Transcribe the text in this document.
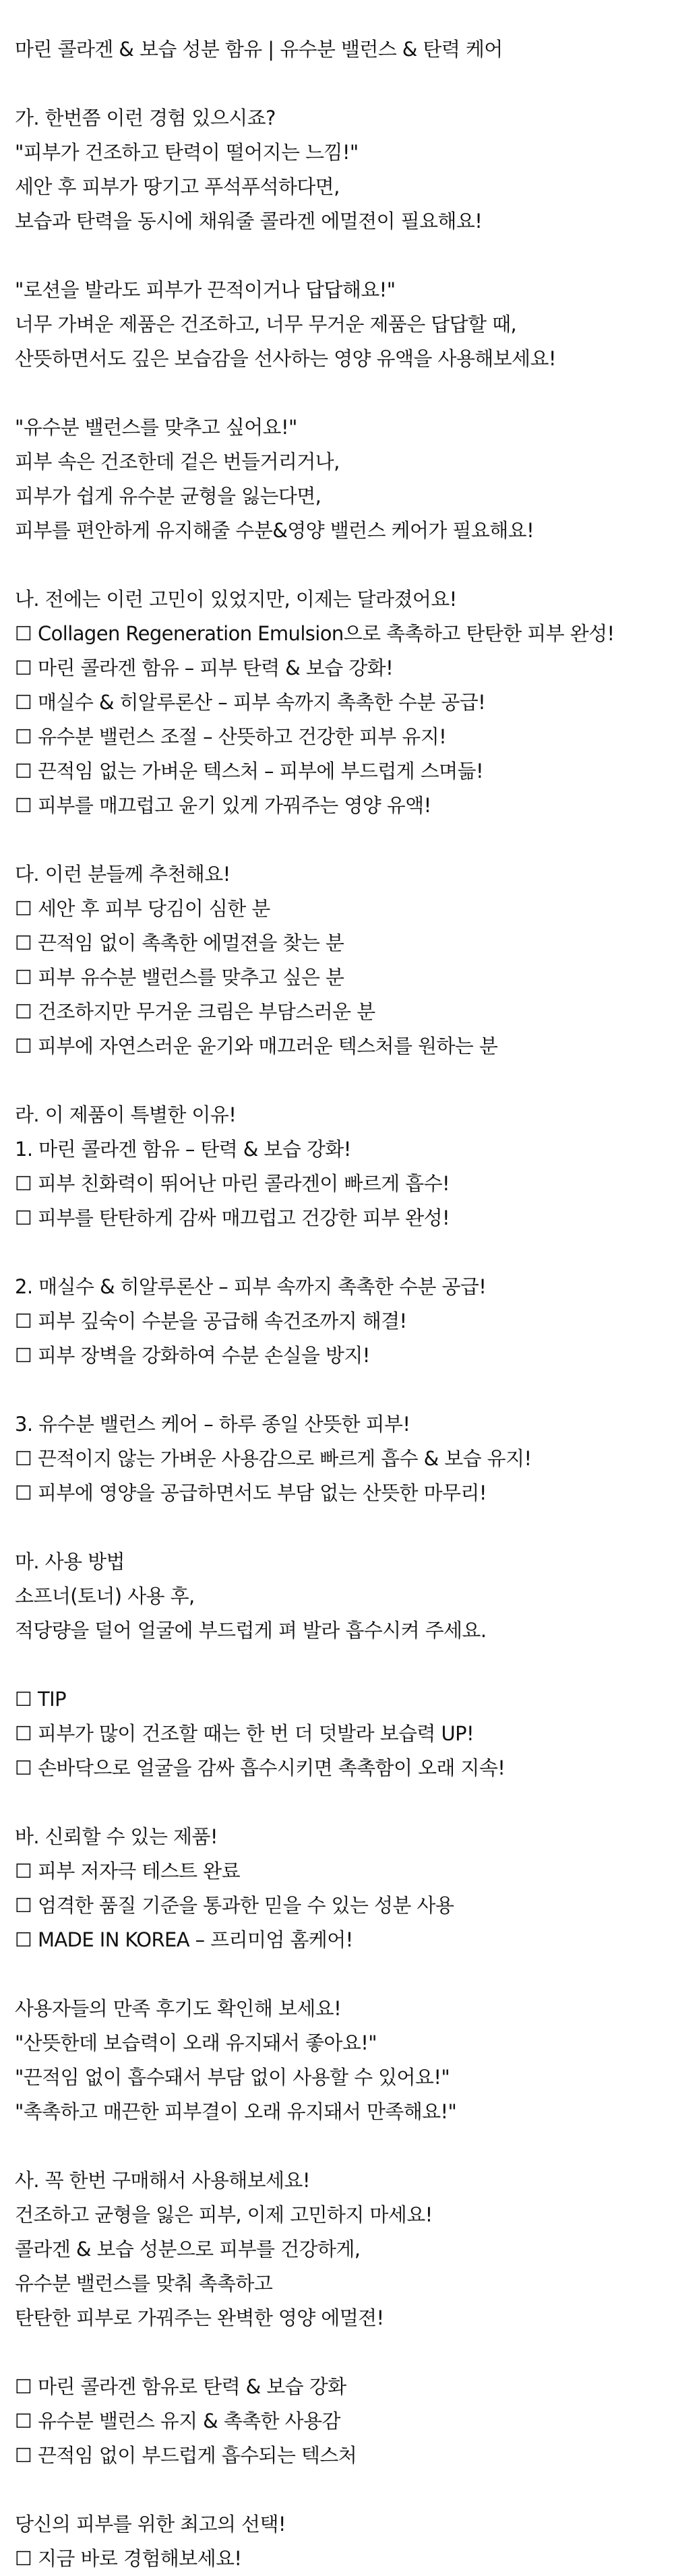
마린 콜라겐 & 보습 성분 함유 | 유수분 밸런스 & 탄력 케어
가. 한번쯤 이런 경험 있으시죠?
"피부가 건조하고 탄력이 떨어지는 느낌!"
세안 후 피부가 땅기고 푸석푸석하다면,
보습과 탄력을 동시에 채워줄 콜라겐 에멀젼이 필요해요!
"로션을 발라도 피부가 끈적이거나 답답해요!"
너무 가벼운 제품은 건조하고, 너무 무거운 제품은 답답할 때,
산뜻하면서도 깊은 보습감을 선사하는 영양 유액을 사용해보세요!
"유수분 밸런스를 맞추고 싶어요!"
피부 속은 건조한데 겉은 번들거리거나,
피부가 쉽게 유수분 균형을 잃는다면,
피부를 편안하게 유지해줄 수분&영양 밸런스 케어가 필요해요!
나. 전에는 이런 고민이 있었지만, 이제는 달라졌어요!
☐ Collagen Regeneration Emulsion으로 촉촉하고 탄탄한 피부 완성!
☐ 마린 콜라겐 함유 – 피부 탄력 & 보습 강화!
☐ 매실수 & 히알루론산 – 피부 속까지 촉촉한 수분 공급!
☐ 유수분 밸런스 조절 – 산뜻하고 건강한 피부 유지!
☐ 끈적임 없는 가벼운 텍스처 – 피부에 부드럽게 스며듦!
☐ 피부를 매끄럽고 윤기 있게 가꿔주는 영양 유액!
다. 이런 분들께 추천해요!
☐ 세안 후 피부 당김이 심한 분
☐ 끈적임 없이 촉촉한 에멀젼을 찾는 분
☐ 피부 유수분 밸런스를 맞추고 싶은 분
☐ 건조하지만 무거운 크림은 부담스러운 분
☐ 피부에 자연스러운 윤기와 매끄러운 텍스처를 원하는 분
라. 이 제품이 특별한 이유!
1. 마린 콜라겐 함유 – 탄력 & 보습 강화!
☐ 피부 친화력이 뛰어난 마린 콜라겐이 빠르게 흡수!
☐ 피부를 탄탄하게 감싸 매끄럽고 건강한 피부 완성!
2. 매실수 & 히알루론산 – 피부 속까지 촉촉한 수분 공급!
☐ 피부 깊숙이 수분을 공급해 속건조까지 해결!
☐ 피부 장벽을 강화하여 수분 손실을 방지!
3. 유수분 밸런스 케어 – 하루 종일 산뜻한 피부!
☐ 끈적이지 않는 가벼운 사용감으로 빠르게 흡수 & 보습 유지!
☐ 피부에 영양을 공급하면서도 부담 없는 산뜻한 마무리!
마. 사용 방법
소프너(토너) 사용 후,
적당량을 덜어 얼굴에 부드럽게 펴 발라 흡수시켜 주세요.
☐ TIP
☐ 피부가 많이 건조할 때는 한 번 더 덧발라 보습력 UP!
☐ 손바닥으로 얼굴을 감싸 흡수시키면 촉촉함이 오래 지속!
바. 신뢰할 수 있는 제품!
☐ 피부 저자극 테스트 완료
☐ 엄격한 품질 기준을 통과한 믿을 수 있는 성분 사용
☐ MADE IN KOREA – 프리미엄 홈케어!
사용자들의 만족 후기도 확인해 보세요!
"산뜻한데 보습력이 오래 유지돼서 좋아요!"
"끈적임 없이 흡수돼서 부담 없이 사용할 수 있어요!"
"촉촉하고 매끈한 피부결이 오래 유지돼서 만족해요!"
사. 꼭 한번 구매해서 사용해보세요!
건조하고 균형을 잃은 피부, 이제 고민하지 마세요!
콜라겐 & 보습 성분으로 피부를 건강하게,
유수분 밸런스를 맞춰 촉촉하고
탄탄한 피부로 가꿔주는 완벽한 영양 에멀젼!
☐ 마린 콜라겐 함유로 탄력 & 보습 강화
☐ 유수분 밸런스 유지 & 촉촉한 사용감
☐ 끈적임 없이 부드럽게 흡수되는 텍스처
당신의 피부를 위한 최고의 선택!
☐ 지금 바로 경험해보세요!
